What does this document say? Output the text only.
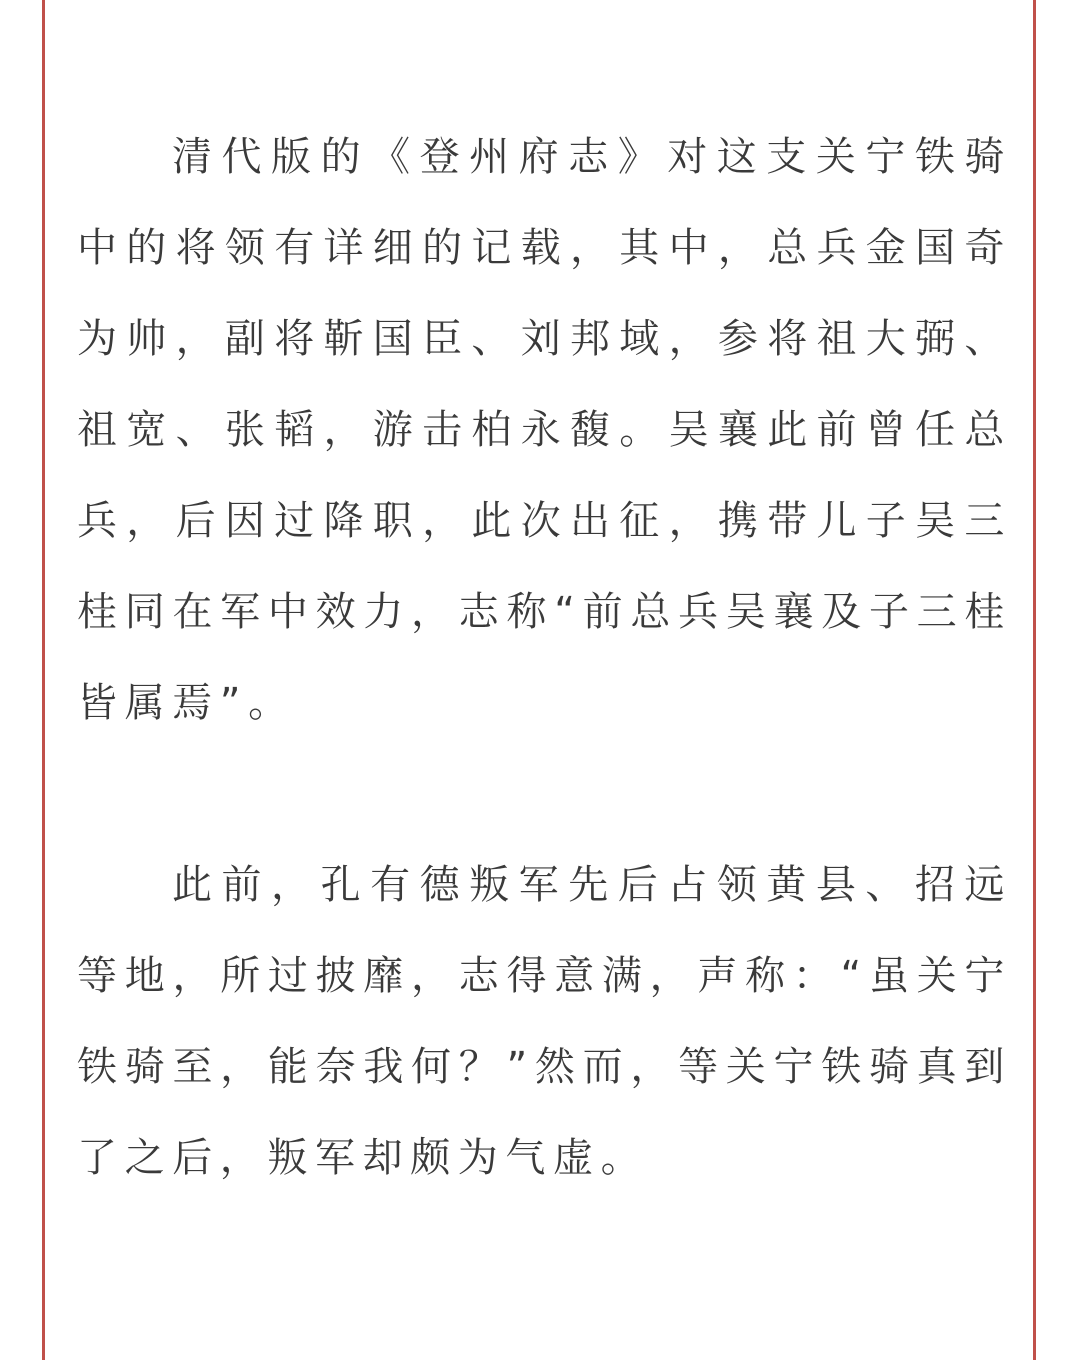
清代版的《登州府志》对这支关宁铁骑中的将领有详细的记载，其中，总兵金国奇为帅，副将靳国臣、刘邦域，参将祖大弼、祖宽、张韬，游击柏永馥。吴襄此前曾任总兵，后因过降职，此次出征，携带儿子吴三桂同在军中效力，志称“前总兵吴襄及子三桂皆属焉”。

此前，孔有德叛军先后占领黄县、招远等地，所过披靡，志得意满，声称：“虽关宁铁骑至，能奈我何？”然而，等关宁铁骑真到了之后，叛军却颇为气虚。
